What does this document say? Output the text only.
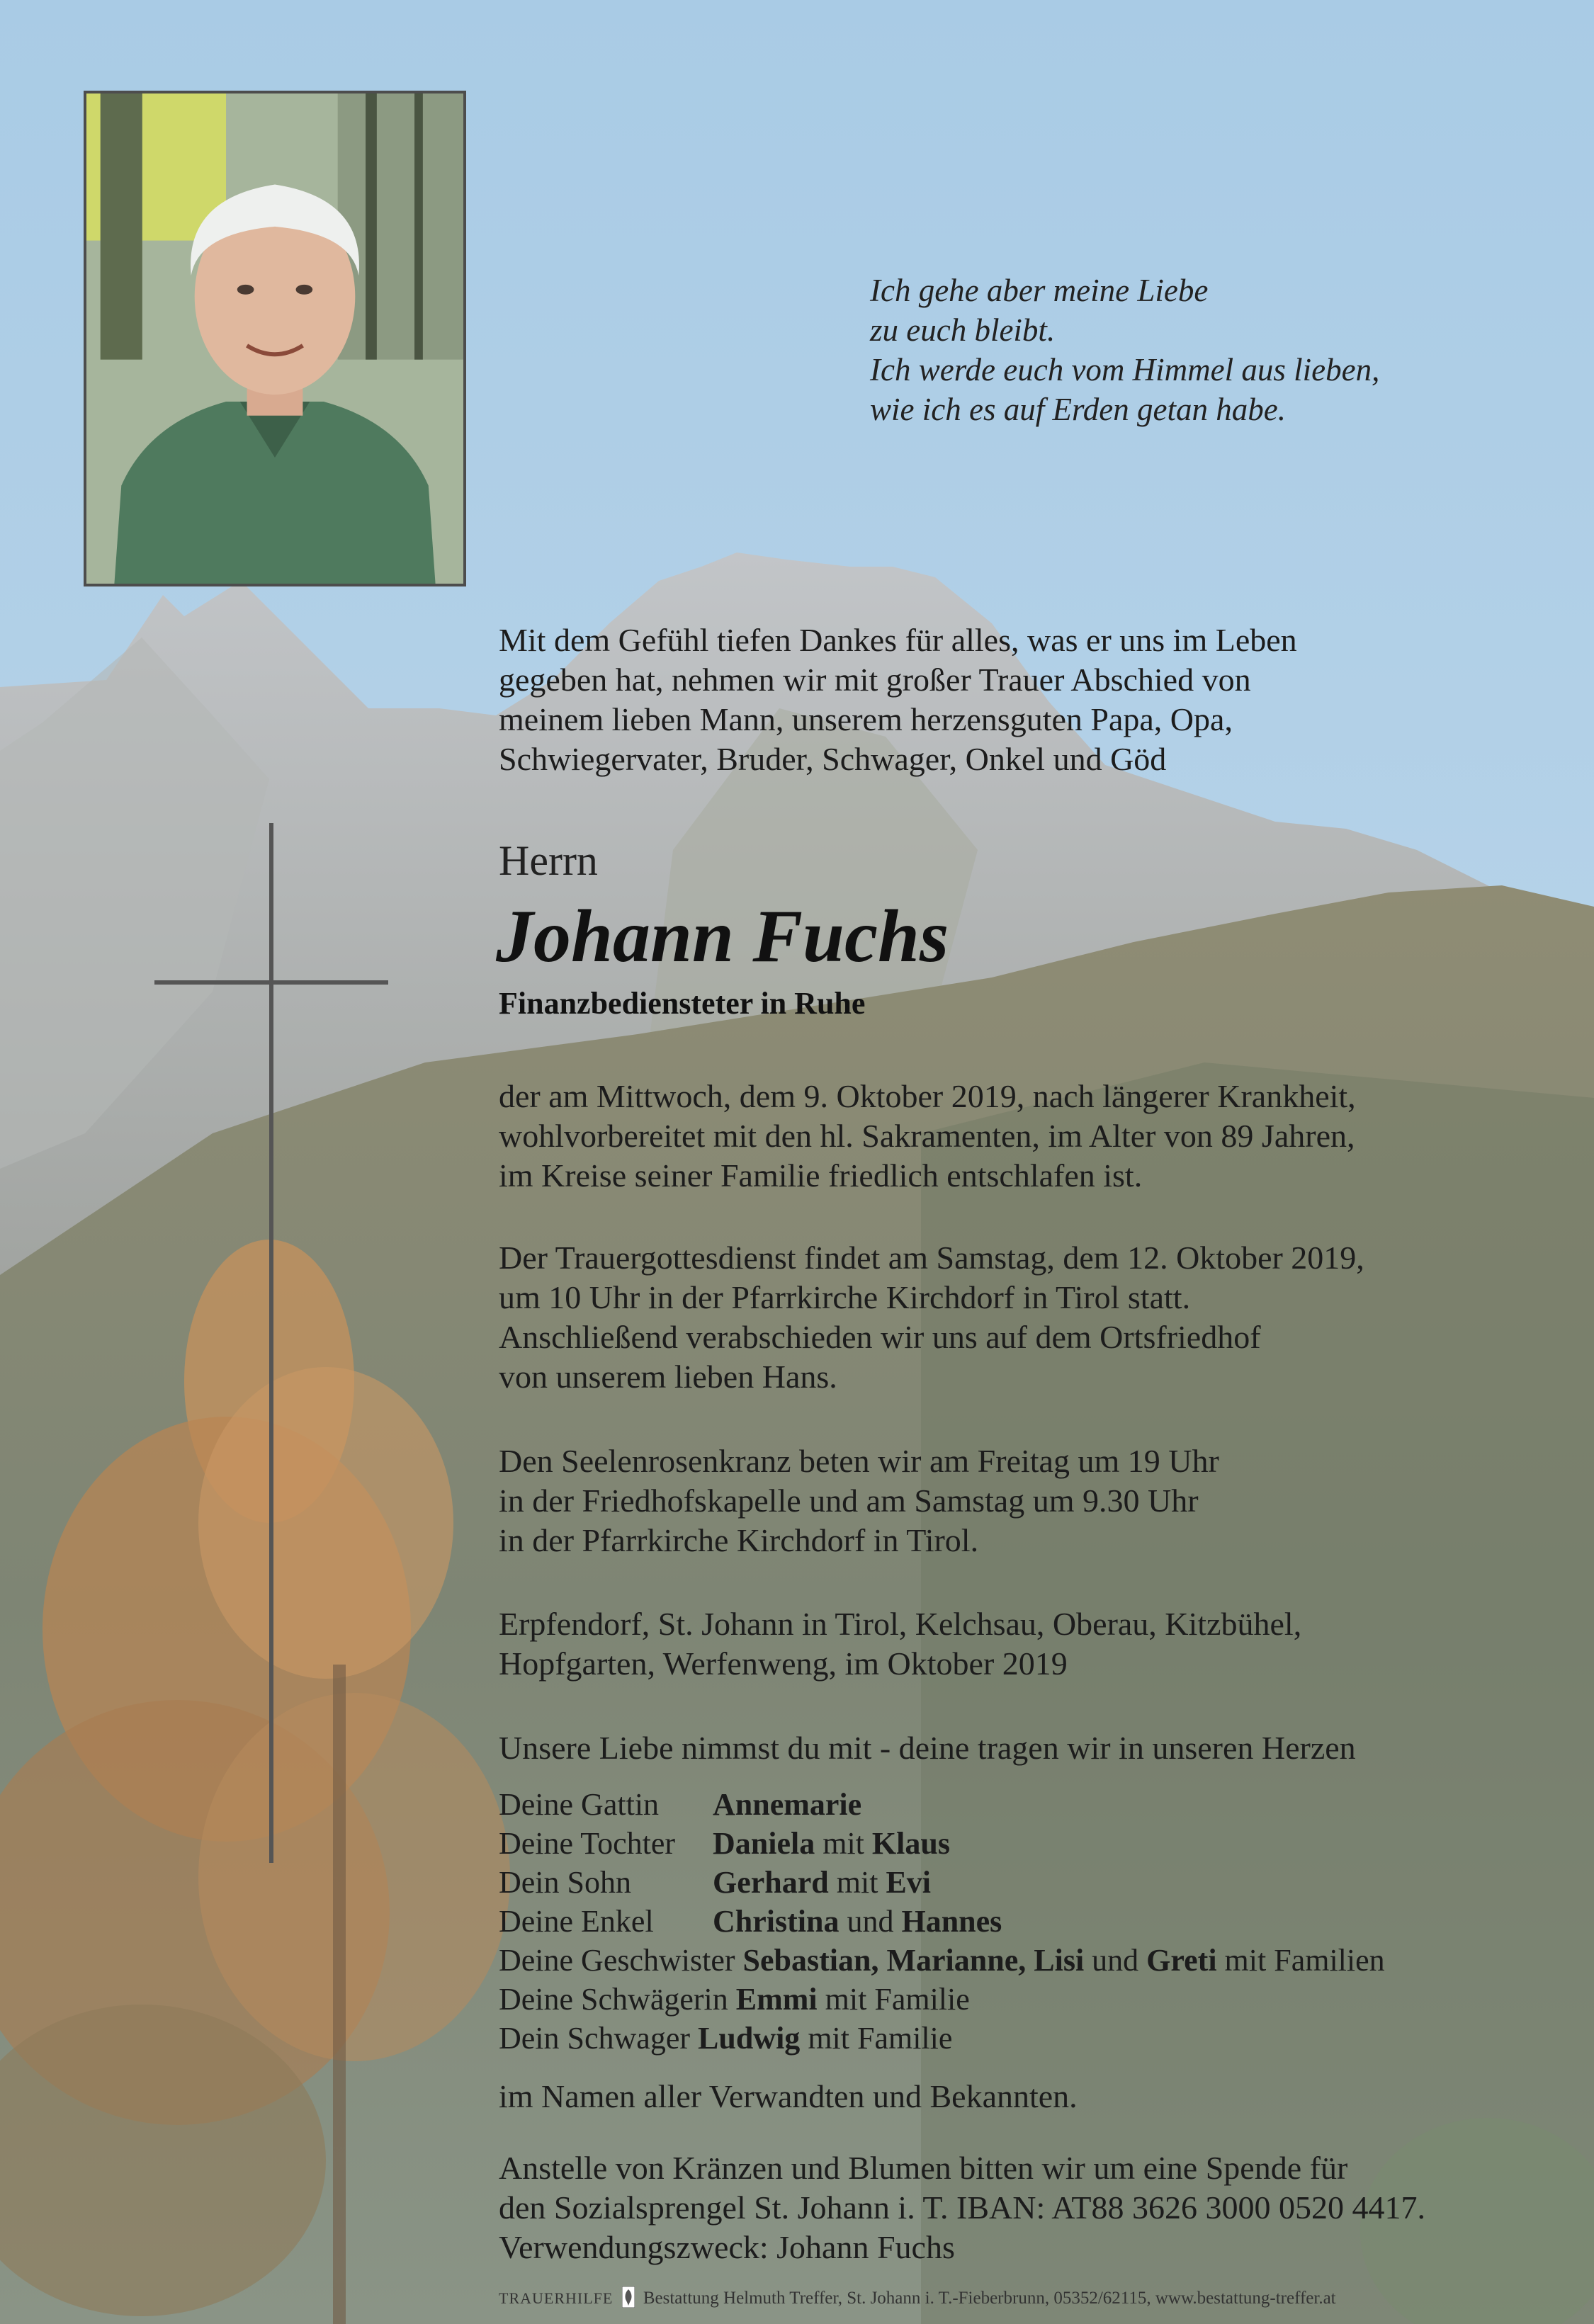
Ich gehe aber meine Liebe
zu euch bleibt.
Ich werde euch vom Himmel aus lieben,
wie ich es auf Erden getan habe.
Mit dem Gefühl tiefen Dankes für alles, was er uns im Leben
gegeben hat, nehmen wir mit großer Trauer Abschied von
meinem lieben Mann, unserem herzensguten Papa, Opa,
Schwiegervater, Bruder, Schwager, Onkel und Göd
Herrn
Johann Fuchs
Finanzbediensteter in Ruhe
der am Mittwoch, dem 9. Oktober 2019, nach längerer Krankheit,
wohlvorbereitet mit den hl. Sakramenten, im Alter von 89 Jahren,
im Kreise seiner Familie friedlich entschlafen ist.
Der Trauergottesdienst findet am Samstag, dem 12. Oktober 2019,
um 10 Uhr in der Pfarrkirche Kirchdorf in Tirol statt.
Anschließend verabschieden wir uns auf dem Ortsfriedhof
von unserem lieben Hans.
Den Seelenrosenkranz beten wir am Freitag um 19 Uhr
in der Friedhofskapelle und am Samstag um 9.30 Uhr
in der Pfarrkirche Kirchdorf in Tirol.
Erpfendorf, St. Johann in Tirol, Kelchsau, Oberau, Kitzbühel,
Hopfgarten, Werfenweng, im Oktober 2019
Unsere Liebe nimmst du mit - deine tragen wir in unseren Herzen
Deine Gattin Annemarie
Deine Tochter Daniela mit Klaus
Dein Sohn	Gerhard mit Evi
Deine Enkel Christina und Hannes
Deine Geschwister Sebastian, Marianne, Lisi und Greti mit Familien
Deine Schwägerin Emmi mit Familie
Dein Schwager Ludwig mit Familie
im Namen aller Verwandten und Bekannten.
Anstelle von Kränzen und Blumen bitten wir um eine Spende für
den Sozialsprengel St. Johann i. T. IBAN: AT88 3626 3000 0520 4417.
Verwendungszweck: Johann Fuchs
TRAUERHILFE Bestattung Helmuth Treffer, St. Johann i. T.-Fieberbrunn, 05352/62115, www.bestattung-treffer.at
